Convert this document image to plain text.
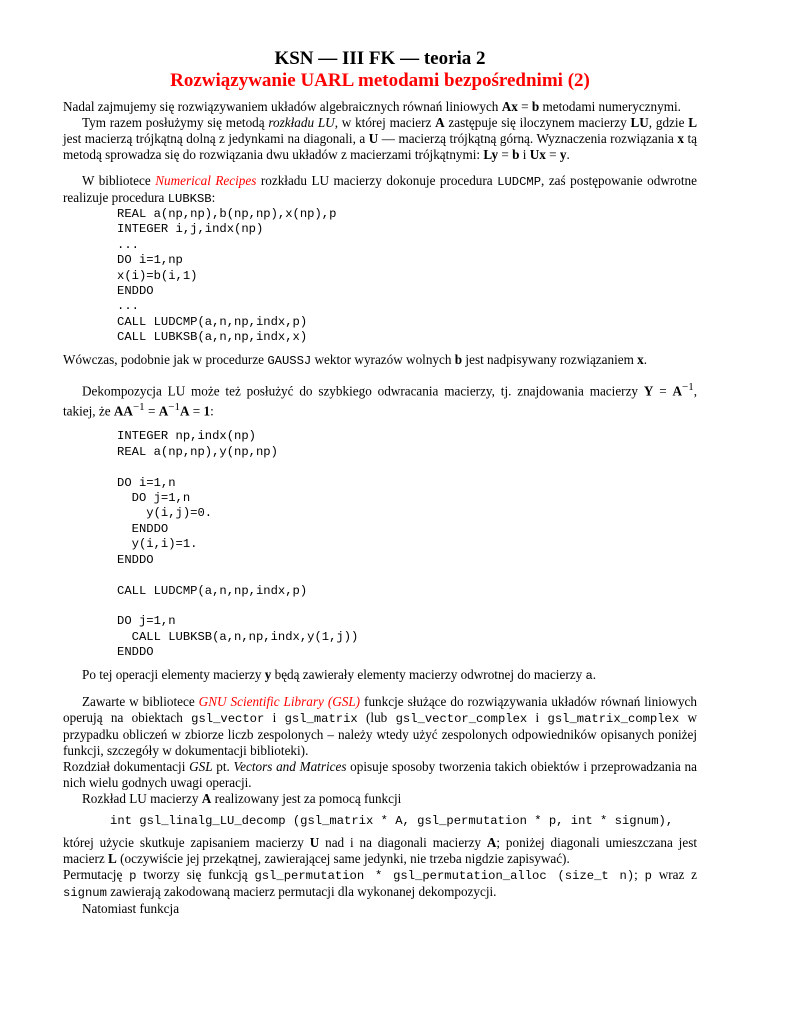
KSN — III FK — teoria 2
Rozwiązywanie UARL metodami bezpośrednimi (2)

Nadal zajmujemy się rozwiązywaniem układów algebraicznych równań liniowych Ax = b metodami numerycznymi.

Tym razem posłużymy się metodą rozkładu LU, w której macierz A zastępuje się iloczynem macierzy LU, gdzie L jest macierzą trójkątną dolną z jedynkami na diagonali, a U — macierzą trójkątną górną. Wyznaczenia rozwiązania x tą metodą sprowadza się do rozwiązania dwu układów z macierzami trójkątnymi: Ly = b i Ux = y.

W bibliotece Numerical Recipes rozkładu LU macierzy dokonuje procedura LUDCMP, zaś postępowanie odwrotne realizuje procedura LUBKSB:

REAL a(np,np),b(np,np),x(np),p
INTEGER i,j,indx(np)
...
DO i=1,np
x(i)=b(i,1)
ENDDO
...
CALL LUDCMP(a,n,np,indx,p)
CALL LUBKSB(a,n,np,indx,x)

Wówczas, podobnie jak w procedurze GAUSSJ wektor wyrazów wolnych b jest nadpisywany rozwiązaniem x.

Dekompozycja LU może też posłużyć do szybkiego odwracania macierzy, tj. znajdowania macierzy $Y = A^{-1}$, takiej, że $AA^{-1} = A^{-1}A = 1$:

INTEGER np,indx(np)
REAL a(np,np),y(np,np)

DO i=1,n
DO j=1,n
y(i,j)=0.
ENDDO
y(i,i)=1.
ENDDO

CALL LUDCMP(a,n,np,indx,p)

DO j=1,n
CALL LUBKSB(a,n,np,indx,y(1,j))
ENDDO

Po tej operacji elementy macierzy y będą zawierały elementy macierzy odwrotnej do macierzy a.

Zawarte w bibliotece GNU Scientific Library (GSL) funkcje służące do rozwiązywania układów równań liniowych operują na obiektach gsl_vector i gsl_matrix (lub gsl_vector_complex i gsl_matrix_complex w przypadku obliczeń w zbiorze liczb zespolonych – należy wtedy użyć zespolonych odpowiedników opisanych poniżej funkcji, szczegóły w dokumentacji biblioteki).

Rozdział dokumentacji GSL pt. Vectors and Matrices opisuje sposoby tworzenia takich obiektów i przeprowadzania na nich wielu godnych uwagi operacji.

Rozkład LU macierzy A realizowany jest za pomocą funkcji

int gsl_linalg_LU_decomp (gsl_matrix * A, gsl_permutation * p, int * signum),

której użycie skutkuje zapisaniem macierzy U nad i na diagonali macierzy A; poniżej diagonali umieszczana jest macierz L (oczywiście jej przekątnej, zawierającej same jedynki, nie trzeba nigdzie zapisywać).

Permutację p tworzy się funkcją gsl_permutation * gsl_permutation_alloc (size_t n); p wraz z signum zawierają zakodowaną macierz permutacji dla wykonanej dekompozycji.

Natomiast funkcja
